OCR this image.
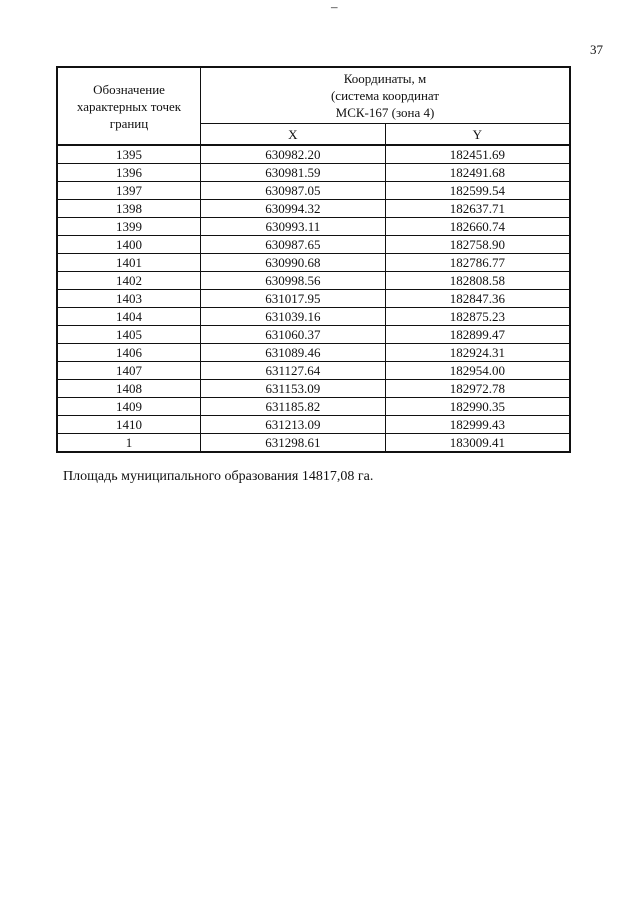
–
37
Обозначение характерных точек границ	Координаты, м
(система координат
МСК-167 (зона 4)	
	X	Y
1395	630982.20	182451.69
1396	630981.59	182491.68
1397	630987.05	182599.54
1398	630994.32	182637.71
1399	630993.11	182660.74
1400	630987.65	182758.90
1401	630990.68	182786.77
1402	630998.56	182808.58
1403	631017.95	182847.36
1404	631039.16	182875.23
1405	631060.37	182899.47
1406	631089.46	182924.31
1407	631127.64	182954.00
1408	631153.09	182972.78
1409	631185.82	182990.35
1410	631213.09	182999.43
1	631298.61	183009.41
Площадь муниципального образования 14817,08 га.
